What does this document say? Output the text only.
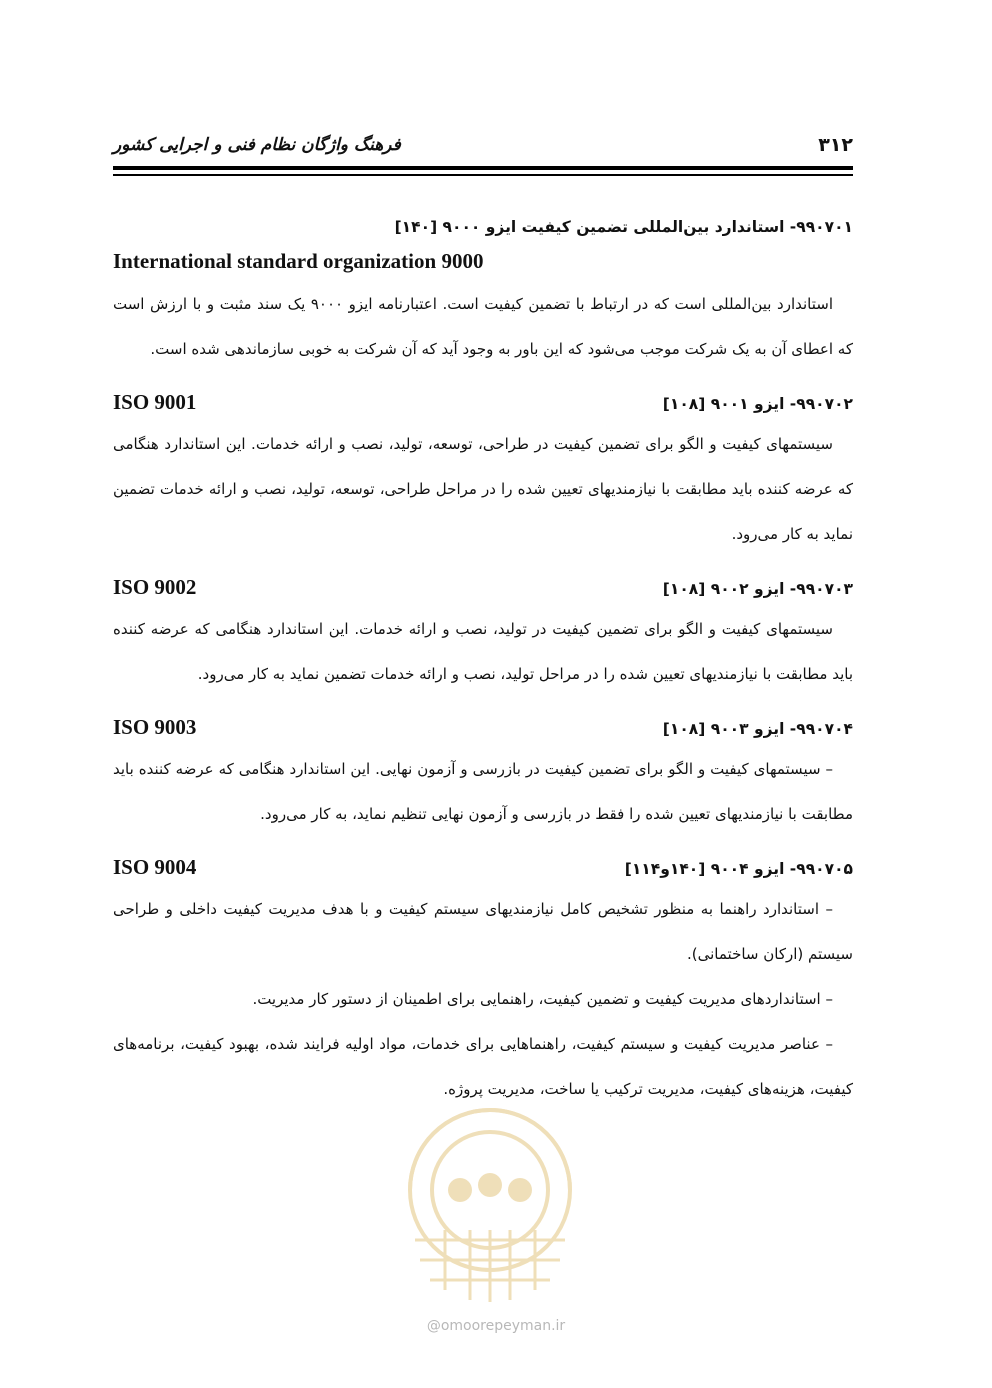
۳۱۲
فرهنگ واژگان نظام فنی و اجرایی کشور
۹۹۰۷۰۱- استاندارد بین‌المللی تضمین کیفیت ایزو ۹۰۰۰ [۱۴۰]
International standard organization 9000

استاندارد بین‌المللی است که در ارتباط با تضمین کیفیت است. اعتبارنامه ایزو ۹۰۰۰ یک سند مثبت و با ارزش است که اعطای آن به یک شرکت موجب می‌شود که این باور به وجود آید که آن شرکت به خوبی سازماندهی شده است.

۹۹۰۷۰۲- ایزو ۹۰۰۱ [۱۰۸]
ISO 9001

سیستمهای کیفیت و الگو برای تضمین کیفیت در طراحی، توسعه، تولید، نصب و ارائه خدمات. این استاندارد هنگامی که عرضه کننده باید مطابقت با نیازمندیهای تعیین شده را در مراحل طراحی، توسعه، تولید، نصب و ارائه خدمات تضمین نماید به کار می‌رود.

۹۹۰۷۰۳- ایزو ۹۰۰۲ [۱۰۸]
ISO 9002

سیستمهای کیفیت و الگو برای تضمین کیفیت در تولید، نصب و ارائه خدمات. این استاندارد هنگامی که عرضه کننده باید مطابقت با نیازمندیهای تعیین شده را در مراحل تولید، نصب و ارائه خدمات تضمین نماید به کار می‌رود.

۹۹۰۷۰۴- ایزو ۹۰۰۳ [۱۰۸]
ISO 9003

– سیستمهای کیفیت و الگو برای تضمین کیفیت در بازرسی و آزمون نهایی. این استاندارد هنگامی که عرضه کننده باید مطابقت با نیازمندیهای تعیین شده را فقط در بازرسی و آزمون نهایی تنظیم نماید، به کار می‌رود.

۹۹۰۷۰۵- ایزو ۹۰۰۴ [۱۴۰و۱۱۴]
ISO 9004

– استاندارد راهنما به منظور تشخیص کامل نیازمندیهای سیستم کیفیت و با هدف مدیریت کیفیت داخلی و طراحی سیستم (ارکان ساختمانی).

– استانداردهای مدیریت کیفیت و تضمین کیفیت، راهنمایی برای اطمینان از دستور کار مدیریت.

– عناصر مدیریت کیفیت و سیستم کیفیت، راهنماهایی برای خدمات، مواد اولیه فرایند شده، بهبود کیفیت، برنامه‌های کیفیت، هزینه‌های کیفیت، مدیریت ترکیب یا ساخت، مدیریت پروژه.

@omoorepeyman.ir
